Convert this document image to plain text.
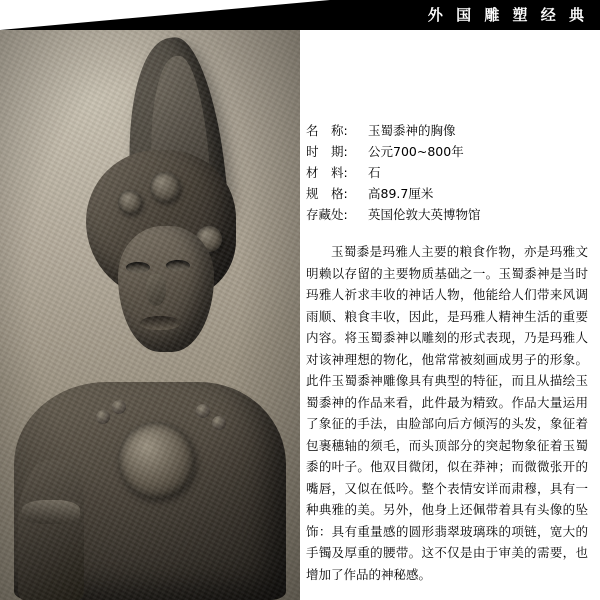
外 国 雕 塑 经 典
名　称:	玉蜀黍神的胸像
时　期:	公元700~800年
材　料:	石
规　格:	高89.7厘米
存藏处:	英国伦敦大英博物馆

玉蜀黍是玛雅人主要的粮食作物，亦是玛雅文明赖以存留的主要物质基础之一。玉蜀黍神是当时玛雅人祈求丰收的神话人物，他能给人们带来风调雨顺、粮食丰收，因此，是玛雅人精神生活的重要内容。将玉蜀黍神以雕刻的形式表现，乃是玛雅人对该神理想的物化，他常常被刻画成男子的形象。此件玉蜀黍神雕像具有典型的特征，而且从描绘玉蜀黍神的作品来看，此件最为精致。作品大量运用了象征的手法，由脸部向后方倾泻的头发，象征着包裹穗轴的须毛，而头顶部分的突起物象征着玉蜀黍的叶子。他双目微闭，似在莽神；而微微张开的嘴唇，又似在低吟。整个表情安详而肃穆，具有一种典雅的美。另外，他身上还佩带着具有头像的坠饰：具有重量感的圆形翡翠玻璃珠的项链，宽大的手镯及厚重的腰带。这不仅是由于审美的需要，也增加了作品的神秘感。
